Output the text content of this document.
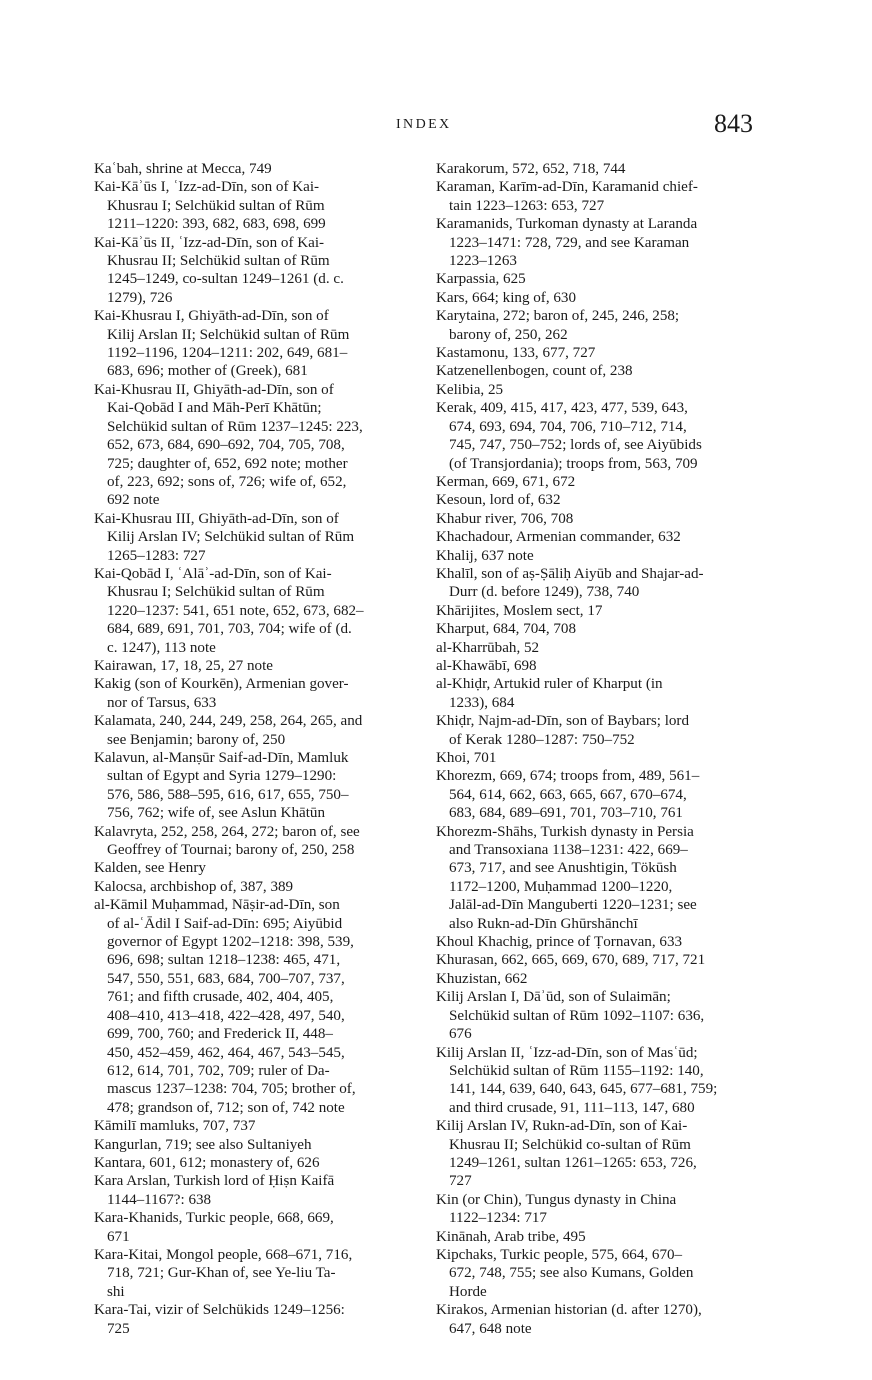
INDEX	843
Kaʿbah, shrine at Mecca, 749
Kai-Kāʾūs I, ʿIzz-ad-Dīn, son of Kai-
Khusrau I; Selchükid sultan of Rūm
1211–1220: 393, 682, 683, 698, 699
Kai-Kāʾūs II, ʿIzz-ad-Dīn, son of Kai-
Khusrau II; Selchükid sultan of Rūm
1245–1249, co-sultan 1249–1261 (d. c.
1279), 726
Kai-Khusrau I, Ghiyāth-ad-Dīn, son of
Kilij Arslan II; Selchükid sultan of Rūm
1192–1196, 1204–1211: 202, 649, 681–
683, 696; mother of (Greek), 681
Kai-Khusrau II, Ghiyāth-ad-Dīn, son of
Kai-Qobād I and Māh-Perī Khātūn;
Selchükid sultan of Rūm 1237–1245: 223,
652, 673, 684, 690–692, 704, 705, 708,
725; daughter of, 652, 692 note; mother
of, 223, 692; sons of, 726; wife of, 652,
692 note
Kai-Khusrau III, Ghiyāth-ad-Dīn, son of
Kilij Arslan IV; Selchükid sultan of Rūm
1265–1283: 727
Kai-Qobād I, ʿAlāʾ-ad-Dīn, son of Kai-
Khusrau I; Selchükid sultan of Rūm
1220–1237: 541, 651 note, 652, 673, 682–
684, 689, 691, 701, 703, 704; wife of (d.
c. 1247), 113 note
Kairawan, 17, 18, 25, 27 note
Kakig (son of Kourkēn), Armenian gover-
nor of Tarsus, 633
Kalamata, 240, 244, 249, 258, 264, 265, and
see Benjamin; barony of, 250
Kalavun, al-Manṣūr Saif-ad-Dīn, Mamluk
sultan of Egypt and Syria 1279–1290:
576, 586, 588–595, 616, 617, 655, 750–
756, 762; wife of, see Aslun Khātūn
Kalavryta, 252, 258, 264, 272; baron of, see
Geoffrey of Tournai; barony of, 250, 258
Kalden, see Henry
Kalocsa, archbishop of, 387, 389
al-Kāmil Muḥammad, Nāṣir-ad-Dīn, son
of al-ʿĀdil I Saif-ad-Dīn: 695; Aiyūbid
governor of Egypt 1202–1218: 398, 539,
696, 698; sultan 1218–1238: 465, 471,
547, 550, 551, 683, 684, 700–707, 737,
761; and fifth crusade, 402, 404, 405,
408–410, 413–418, 422–428, 497, 540,
699, 700, 760; and Frederick II, 448–
450, 452–459, 462, 464, 467, 543–545,
612, 614, 701, 702, 709; ruler of Da-
mascus 1237–1238: 704, 705; brother of,
478; grandson of, 712; son of, 742 note
Kāmilī mamluks, 707, 737
Kangurlan, 719; see also Sultaniyeh
Kantara, 601, 612; monastery of, 626
Kara Arslan, Turkish lord of Ḥiṣn Kaifā
1144–1167?: 638
Kara-Khanids, Turkic people, 668, 669,
671
Kara-Kitai, Mongol people, 668–671, 716,
718, 721; Gur-Khan of, see Ye-liu Ta-
shi
Kara-Tai, vizir of Selchükids 1249–1256:
725
Karakorum, 572, 652, 718, 744
Karaman, Karīm-ad-Dīn, Karamanid chief-
tain 1223–1263: 653, 727
Karamanids, Turkoman dynasty at Laranda
1223–1471: 728, 729, and see Karaman
1223–1263
Karpassia, 625
Kars, 664; king of, 630
Karytaina, 272; baron of, 245, 246, 258;
barony of, 250, 262
Kastamonu, 133, 677, 727
Katzenellenbogen, count of, 238
Kelibia, 25
Kerak, 409, 415, 417, 423, 477, 539, 643,
674, 693, 694, 704, 706, 710–712, 714,
745, 747, 750–752; lords of, see Aiyūbids
(of Transjordania); troops from, 563, 709
Kerman, 669, 671, 672
Kesoun, lord of, 632
Khabur river, 706, 708
Khachadour, Armenian commander, 632
Khalij, 637 note
Khalīl, son of aṣ-Ṣāliḥ Aiyūb and Shajar-ad-
Durr (d. before 1249), 738, 740
Khārijites, Moslem sect, 17
Kharput, 684, 704, 708
al-Kharrūbah, 52
al-Khawābī, 698
al-Khiḍr, Artukid ruler of Kharput (in
1233), 684
Khiḍr, Najm-ad-Dīn, son of Baybars; lord
of Kerak 1280–1287: 750–752
Khoi, 701
Khorezm, 669, 674; troops from, 489, 561–
564, 614, 662, 663, 665, 667, 670–674,
683, 684, 689–691, 701, 703–710, 761
Khorezm-Shāhs, Turkish dynasty in Persia
and Transoxiana 1138–1231: 422, 669–
673, 717, and see Anushtigin, Tökūsh
1172–1200, Muḥammad 1200–1220,
Jalāl-ad-Dīn Manguberti 1220–1231; see
also Rukn-ad-Dīn Ghūrshānchī
Khoul Khachig, prince of Ṭornavan, 633
Khurasan, 662, 665, 669, 670, 689, 717, 721
Khuzistan, 662
Kilij Arslan I, Dāʾūd, son of Sulaimān;
Selchükid sultan of Rūm 1092–1107: 636,
676
Kilij Arslan II, ʿIzz-ad-Dīn, son of Masʿūd;
Selchükid sultan of Rūm 1155–1192: 140,
141, 144, 639, 640, 643, 645, 677–681, 759;
and third crusade, 91, 111–113, 147, 680
Kilij Arslan IV, Rukn-ad-Dīn, son of Kai-
Khusrau II; Selchükid co-sultan of Rūm
1249–1261, sultan 1261–1265: 653, 726,
727
Kin (or Chin), Tungus dynasty in China
1122–1234: 717
Kinānah, Arab tribe, 495
Kipchaks, Turkic people, 575, 664, 670–
672, 748, 755; see also Kumans, Golden
Horde
Kirakos, Armenian historian (d. after 1270),
647, 648 note
